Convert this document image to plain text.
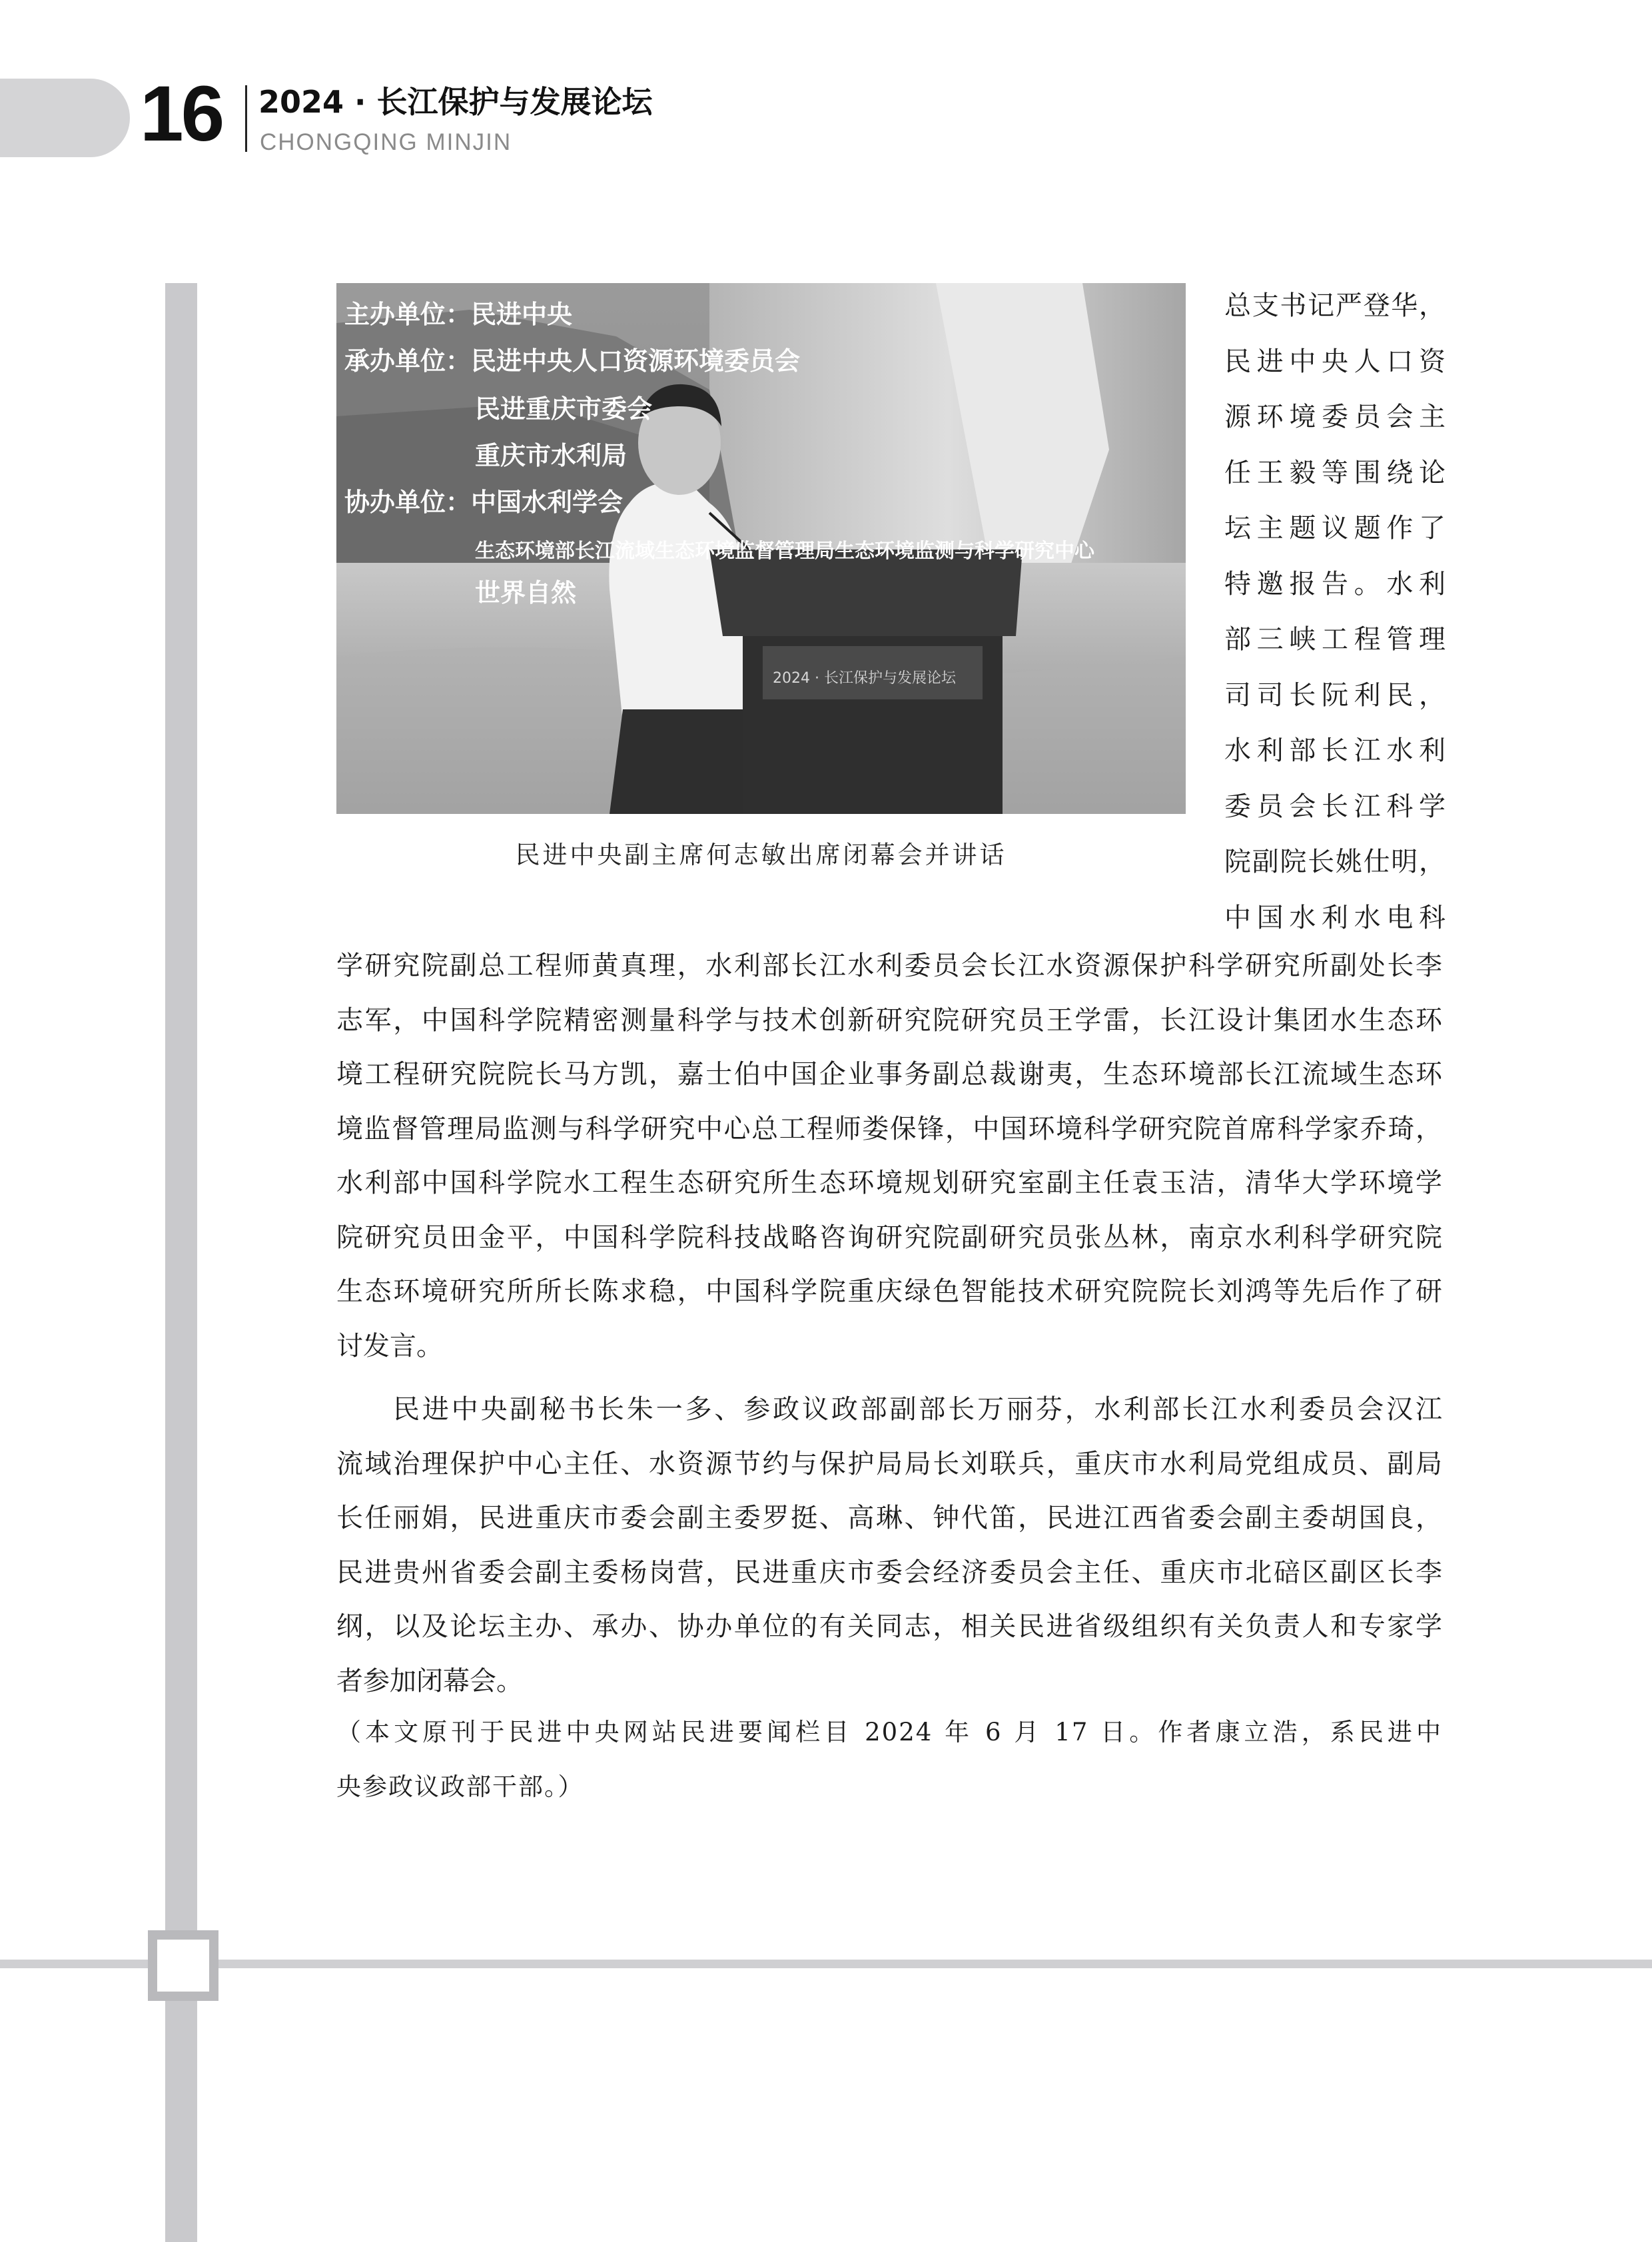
16 2024 · 长江保护与发展论坛
CHONGQING MINJIN
主办单位：民进中央
承办单位：民进中央人口资源环境委员会
民进重庆市委会
重庆市水利局
协办单位：中国水利学会
生态环境部长江流域生态环境监督管理局生态环境监测与科学研究中心
世界自然
2024 · 长江保护与发展论坛
民进中央副主席何志敏出席闭幕会并讲话
总支书记严登华，
民进中央人口资
源环境委员会主
任王毅等围绕论
坛主题议题作了
特邀报告。水利
部三峡工程管理
司司长阮利民，
水利部长江水利
委员会长江科学
院副院长姚仕明，
中国水利水电科
学研究院副总工程师黄真理，水利部长江水利委员会长江水资源保护科学研究所副处长李
志军，中国科学院精密测量科学与技术创新研究院研究员王学雷，长江设计集团水生态环
境工程研究院院长马方凯，嘉士伯中国企业事务副总裁谢夷，生态环境部长江流域生态环
境监督管理局监测与科学研究中心总工程师娄保锋，中国环境科学研究院首席科学家乔琦，
水利部中国科学院水工程生态研究所生态环境规划研究室副主任袁玉洁，清华大学环境学
院研究员田金平，中国科学院科技战略咨询研究院副研究员张丛林，南京水利科学研究院
生态环境研究所所长陈求稳，中国科学院重庆绿色智能技术研究院院长刘鸿等先后作了研
讨发言。
民进中央副秘书长朱一多、参政议政部副部长万丽芬，水利部长江水利委员会汉江
流域治理保护中心主任、水资源节约与保护局局长刘联兵，重庆市水利局党组成员、副局
长任丽娟，民进重庆市委会副主委罗挺、高琳、钟代笛，民进江西省委会副主委胡国良，
民进贵州省委会副主委杨岗营，民进重庆市委会经济委员会主任、重庆市北碚区副区长李
纲，以及论坛主办、承办、协办单位的有关同志，相关民进省级组织有关负责人和专家学
者参加闭幕会。
（本文原刊于民进中央网站民进要闻栏目 2024 年 6 月 17 日。作者康立浩，系民进中
央参政议政部干部。）
